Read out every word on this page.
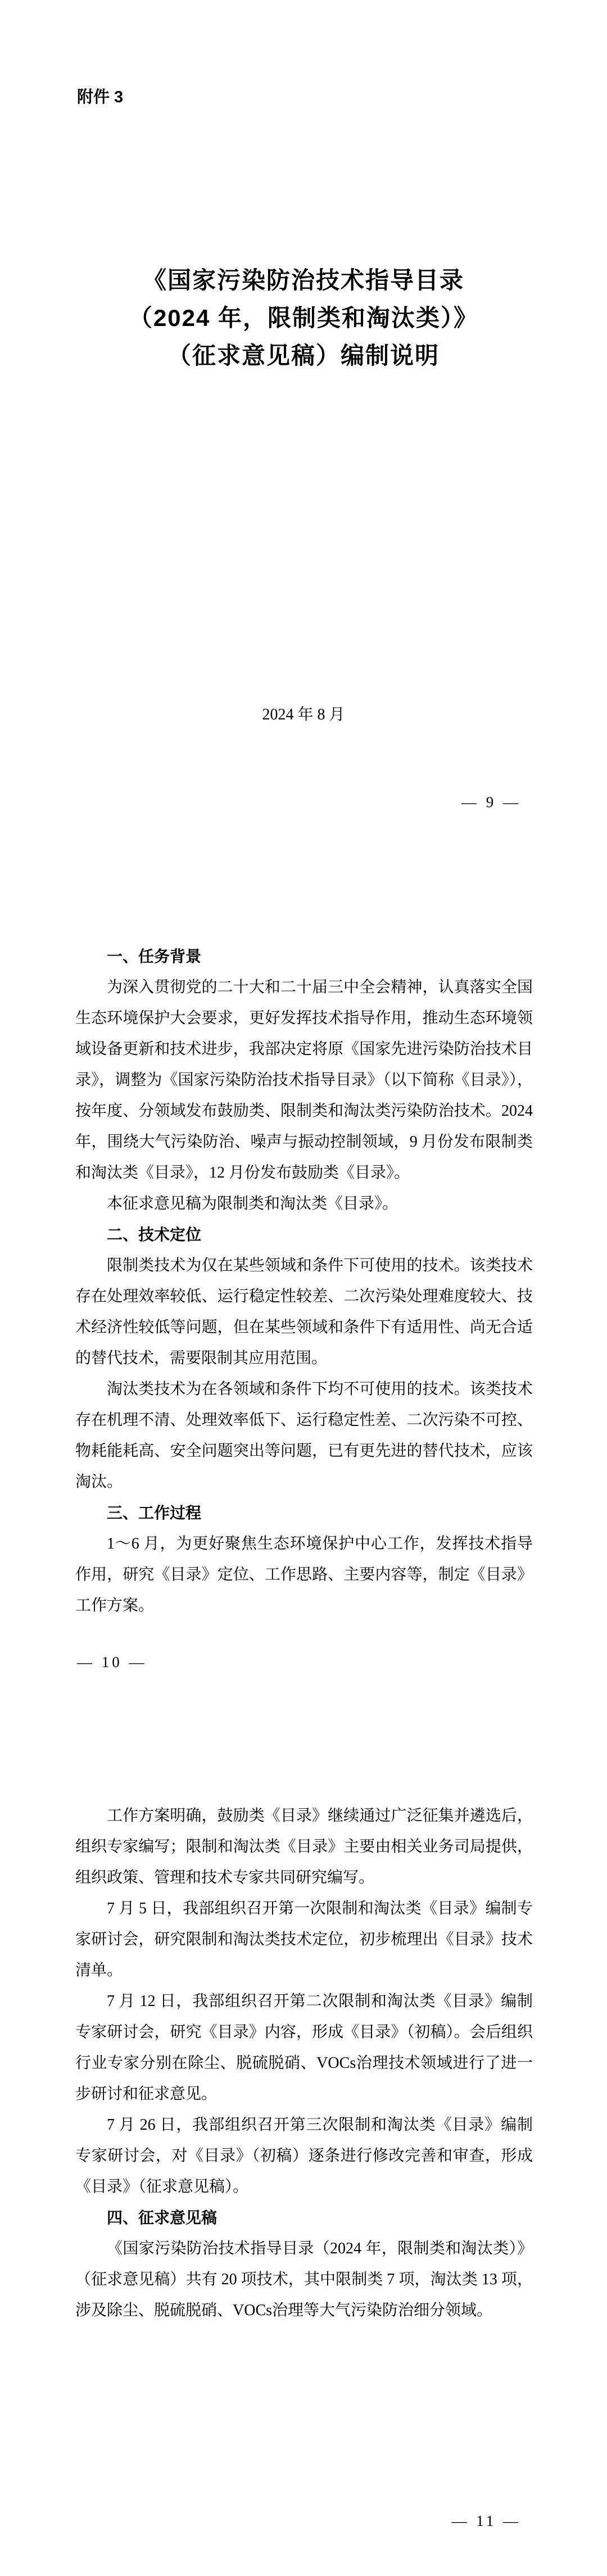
附件 3
《国家污染防治技术指导目录
（2024 年，限制类和淘汰类）》
（征求意见稿）编制说明
2024 年 8 月
— 9 —
一、任务背景

为深入贯彻党的二十大和二十届三中全会精神，认真落实全国生态环境保护大会要求，更好发挥技术指导作用，推动生态环境领域设备更新和技术进步，我部决定将原《国家先进污染防治技术目录》，调整为《国家污染防治技术指导目录》（以下简称《目录》），按年度、分领域发布鼓励类、限制类和淘汰类污染防治技术。2024 年，围绕大气污染防治、噪声与振动控制领域，9 月份发布限制类和淘汰类《目录》，12 月份发布鼓励类《目录》。

本征求意见稿为限制类和淘汰类《目录》。

二、技术定位

限制类技术为仅在某些领域和条件下可使用的技术。该类技术存在处理效率较低、运行稳定性较差、二次污染处理难度较大、技术经济性较低等问题，但在某些领域和条件下有适用性、尚无合适的替代技术，需要限制其应用范围。

淘汰类技术为在各领域和条件下均不可使用的技术。该类技术存在机理不清、处理效率低下、运行稳定性差、二次污染不可控、物耗能耗高、安全问题突出等问题，已有更先进的替代技术，应该淘汰。

三、工作过程

1～6 月，为更好聚焦生态环境保护中心工作，发挥技术指导作用，研究《目录》定位、工作思路、主要内容等，制定《目录》工作方案。

— 10 —

工作方案明确，鼓励类《目录》继续通过广泛征集并遴选后，组织专家编写；限制和淘汰类《目录》主要由相关业务司局提供，组织政策、管理和技术专家共同研究编写。

7 月 5 日，我部组织召开第一次限制和淘汰类《目录》编制专家研讨会，研究限制和淘汰类技术定位，初步梳理出《目录》技术清单。

7 月 12 日，我部组织召开第二次限制和淘汰类《目录》编制专家研讨会，研究《目录》内容，形成《目录》（初稿）。会后组织行业专家分别在除尘、脱硫脱硝、VOCs治理技术领域进行了进一步研讨和征求意见。

7 月 26 日，我部组织召开第三次限制和淘汰类《目录》编制专家研讨会，对《目录》（初稿）逐条进行修改完善和审查，形成《目录》（征求意见稿）。

四、征求意见稿

《国家污染防治技术指导目录（2024 年，限制类和淘汰类）》（征求意见稿）共有 20 项技术，其中限制类 7 项，淘汰类 13 项，涉及除尘、脱硫脱硝、VOCs治理等大气污染防治细分领域。

— 11 —
